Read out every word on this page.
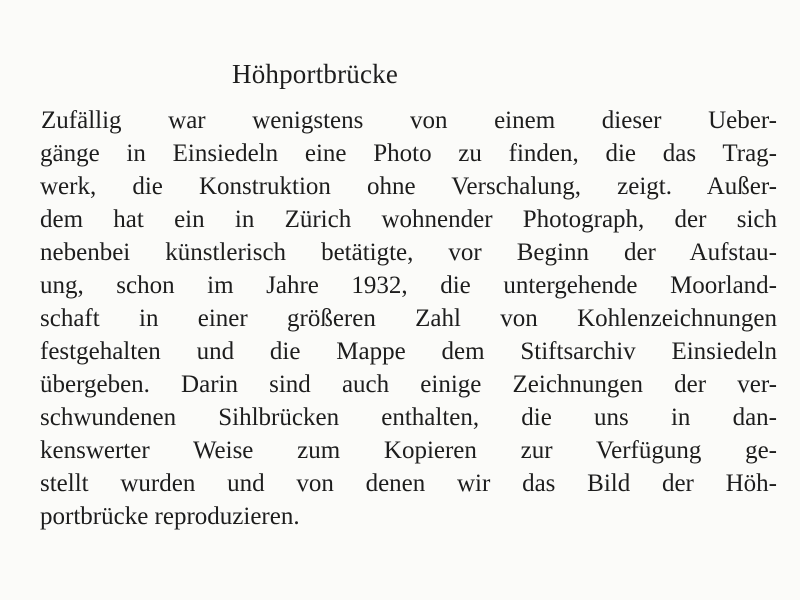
Höhportbrücke
Zufällig war wenigstens von einem dieser Ueber-
gänge in Einsiedeln eine Photo zu finden, die das Trag-
werk, die Konstruktion ohne Verschalung, zeigt. Außer-
dem hat ein in Zürich wohnender Photograph, der sich
nebenbei künstlerisch betätigte, vor Beginn der Aufstau-
ung, schon im Jahre 1932, die untergehende Moorland-
schaft in einer größeren Zahl von Kohlenzeichnungen
festgehalten und die Mappe dem Stiftsarchiv Einsiedeln
übergeben. Darin sind auch einige Zeichnungen der ver-
schwundenen Sihlbrücken enthalten, die uns in dan-
kenswerter Weise zum Kopieren zur Verfügung ge-
stellt wurden und von denen wir das Bild der Höh-
portbrücke reproduzieren.
